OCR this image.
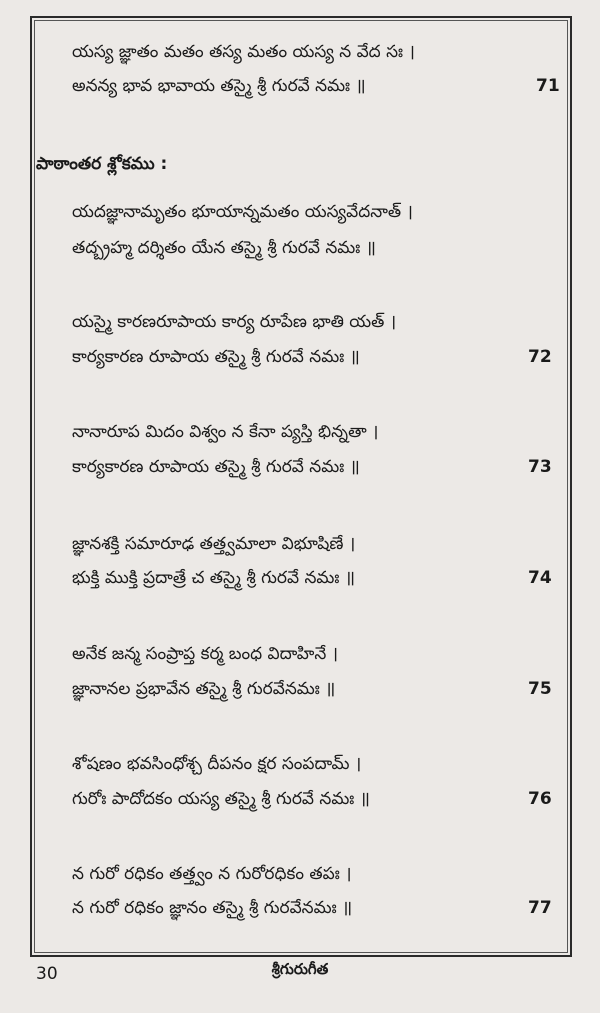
యస్య జ్ఞాతం మతం తస్య మతం యస్య న వేద సః ।
అనన్య భావ భావాయ తస్మై శ్రీ గురవే నమః ॥	71
పాఠాంతర శ్లోకము :
యదజ్ఞానామృతం భూయాన్నమతం యస్యవేదనాత్ ।
తద్బ్రహ్మ దర్శితం యేన తస్మై శ్రీ గురవే నమః ॥
యస్మై కారణరూపాయ కార్య రూపేణ భాతి యత్ ।
కార్యకారణ రూపాయ తస్మై శ్రీ గురవే నమః ॥	72
నానారూప మిదం విశ్వం న కేనా ప్యస్తి భిన్నతా ।
కార్యకారణ రూపాయ తస్మై శ్రీ గురవే నమః ॥	73
జ్ఞానశక్తి సమారూఢ తత్త్వమాలా విభూషిణే ।
భుక్తి ముక్తి ప్రదాత్రే చ తస్మై శ్రీ గురవే నమః ॥	74
అనేక జన్మ సంప్రాప్త కర్మ బంధ విదాహినే ।
జ్ఞానానల ప్రభావేన తస్మై శ్రీ గురవేనమః ॥	75
శోషణం భవసింధోశ్చ దీపనం క్షర సంపదామ్ ।
గురోః పాదోదకం యస్య తస్మై శ్రీ గురవే నమః ॥	76
న గురో రధికం తత్త్వం న గురోరధికం తపః ।
న గురో రధికం జ్ఞానం తస్మై శ్రీ గురవేనమః ॥	77
30	శ్రీగురుగీత
